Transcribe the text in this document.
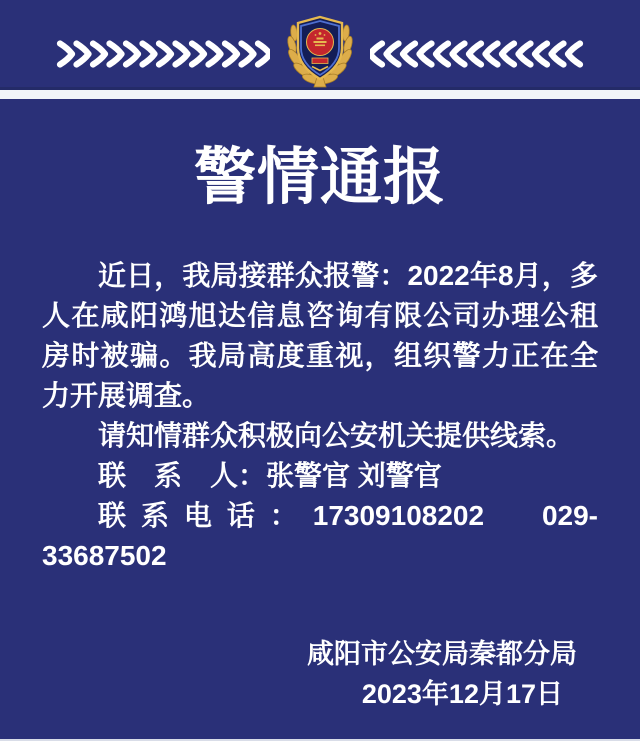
警情通报

近日，我局接群众报警：2022年8月，多人在咸阳鸿旭达信息咨询有限公司办理公租房时被骗。我局高度重视，组织警力正在全力开展调查。

请知情群众积极向公安机关提供线索。

联　系　人：张警官 刘警官

联系电话：17309108202　029-33687502

咸阳市公安局秦都分局

2023年12月17日
